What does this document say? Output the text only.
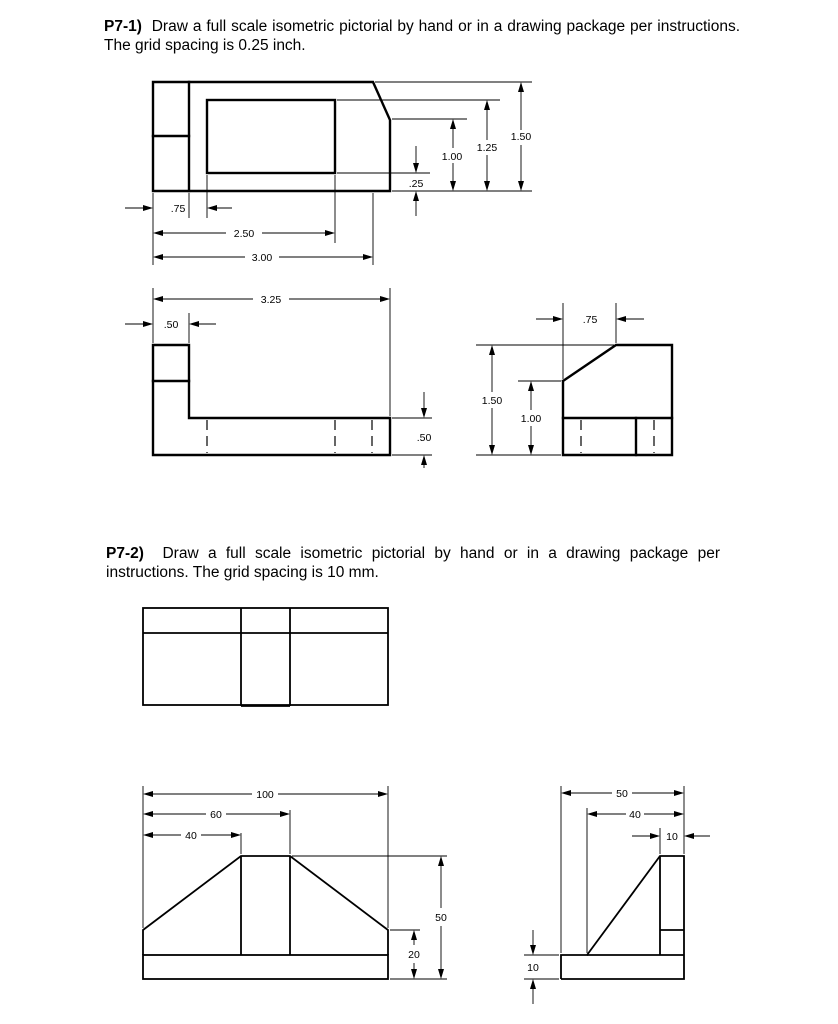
P7-1) Draw a full scale isometric pictorial by hand or in a drawing package per instructions. The grid spacing is 0.25 inch.
P7-2) Draw a full scale isometric pictorial by hand or in a drawing package per instructions. The grid spacing is 10 mm.
1.50
1.25
1.00
.25
.75
2.50
3.00
3.25
.50
.50
.75
1.50
1.00
100
60
40
50
20
50
40
10
10
